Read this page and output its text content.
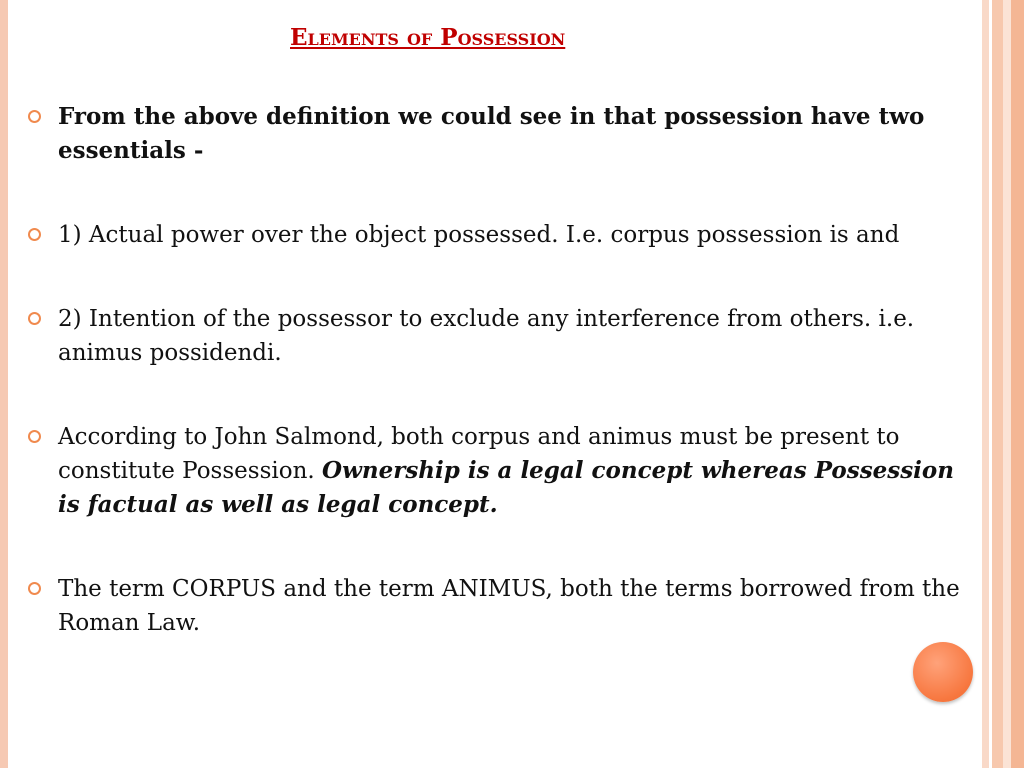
Elements of Possession
From the above definition we could see in that possession have two essentials -
1) Actual power over the object possessed. I.e. corpus possession is and
2) Intention of the possessor to exclude any interference from others. i.e. animus possidendi.
According to John Salmond, both corpus and animus must be present to constitute Possession. Ownership is a legal concept whereas Possession is factual as well as legal concept.
The term CORPUS and the term ANIMUS, both the terms borrowed from the Roman Law.
